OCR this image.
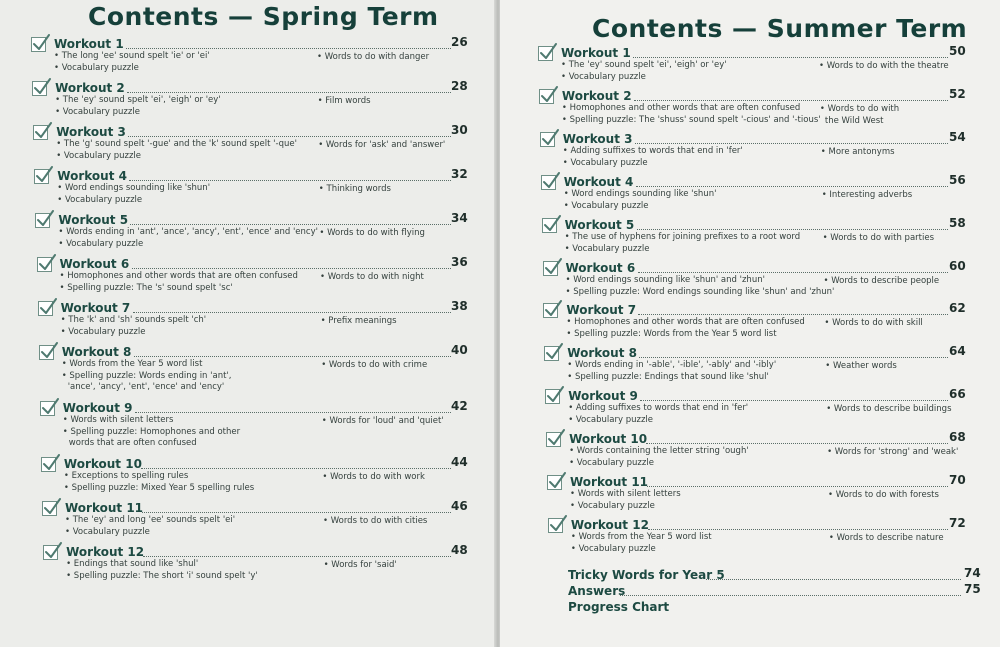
Contents — Spring Term
Workout 1	26
• The long 'ee' sound spelt 'ie' or 'ei'
• Vocabulary puzzle
• Words to do with danger
Workout 2	28
• The 'ey' sound spelt 'ei', 'eigh' or 'ey'
• Vocabulary puzzle
• Film words
Workout 3	30
• The 'g' sound spelt '-gue' and the 'k' sound spelt '-que'
• Vocabulary puzzle
• Words for 'ask' and 'answer'
Workout 4	32
• Word endings sounding like 'shun'
• Vocabulary puzzle
• Thinking words
Workout 5	34
• Words ending in 'ant', 'ance', 'ancy', 'ent', 'ence' and 'ency'
• Vocabulary puzzle
• Words to do with flying
Workout 6	36
• Homophones and other words that are often confused
• Spelling puzzle: The 's' sound spelt 'sc'
• Words to do with night
Workout 7	38
• The 'k' and 'sh' sounds spelt 'ch'
• Vocabulary puzzle
• Prefix meanings
Workout 8	40
• Words from the Year 5 word list
• Spelling puzzle: Words ending in 'ant',
'ance', 'ancy', 'ent', 'ence' and 'ency'
• Words to do with crime
Workout 9	42
• Words with silent letters
• Spelling puzzle: Homophones and other
words that are often confused
• Words for 'loud' and 'quiet'
Workout 10	44
• Exceptions to spelling rules
• Spelling puzzle: Mixed Year 5 spelling rules
• Words to do with work
Workout 11	46
• The 'ey' and long 'ee' sounds spelt 'ei'
• Vocabulary puzzle
• Words to do with cities
Workout 12	48
• Endings that sound like 'shul'
• Spelling puzzle: The short 'i' sound spelt 'y'
• Words for 'said'
Contents — Summer Term
Workout 1	50
• The 'ey' sound spelt 'ei', 'eigh' or 'ey'
• Vocabulary puzzle
• Words to do with the theatre
Workout 2	52
• Homophones and other words that are often confused
• Spelling puzzle: The 'shuss' sound spelt '-cious' and '-tious'
• Words to do with
the Wild West
Workout 3	54
• Adding suffixes to words that end in 'fer'
• Vocabulary puzzle
• More antonyms
Workout 4	56
• Word endings sounding like 'shun'
• Vocabulary puzzle
• Interesting adverbs
Workout 5	58
• The use of hyphens for joining prefixes to a root word
• Vocabulary puzzle
• Words to do with parties
Workout 6	60
• Word endings sounding like 'shun' and 'zhun'
• Spelling puzzle: Word endings sounding like 'shun' and 'zhun'
• Words to describe people
Workout 7	62
• Homophones and other words that are often confused
• Spelling puzzle: Words from the Year 5 word list
• Words to do with skill
Workout 8	64
• Words ending in '-able', '-ible', '-ably' and '-ibly'
• Spelling puzzle: Endings that sound like 'shul'
• Weather words
Workout 9	66
• Adding suffixes to words that end in 'fer'
• Vocabulary puzzle
• Words to describe buildings
Workout 10	68
• Words containing the letter string 'ough'
• Vocabulary puzzle
• Words for 'strong' and 'weak'
Workout 11	70
• Words with silent letters
• Vocabulary puzzle
• Words to do with forests
Workout 12	72
• Words from the Year 5 word list
• Vocabulary puzzle
• Words to describe nature
Tricky Words for Year 5	74
Answers	75
Progress Chart
